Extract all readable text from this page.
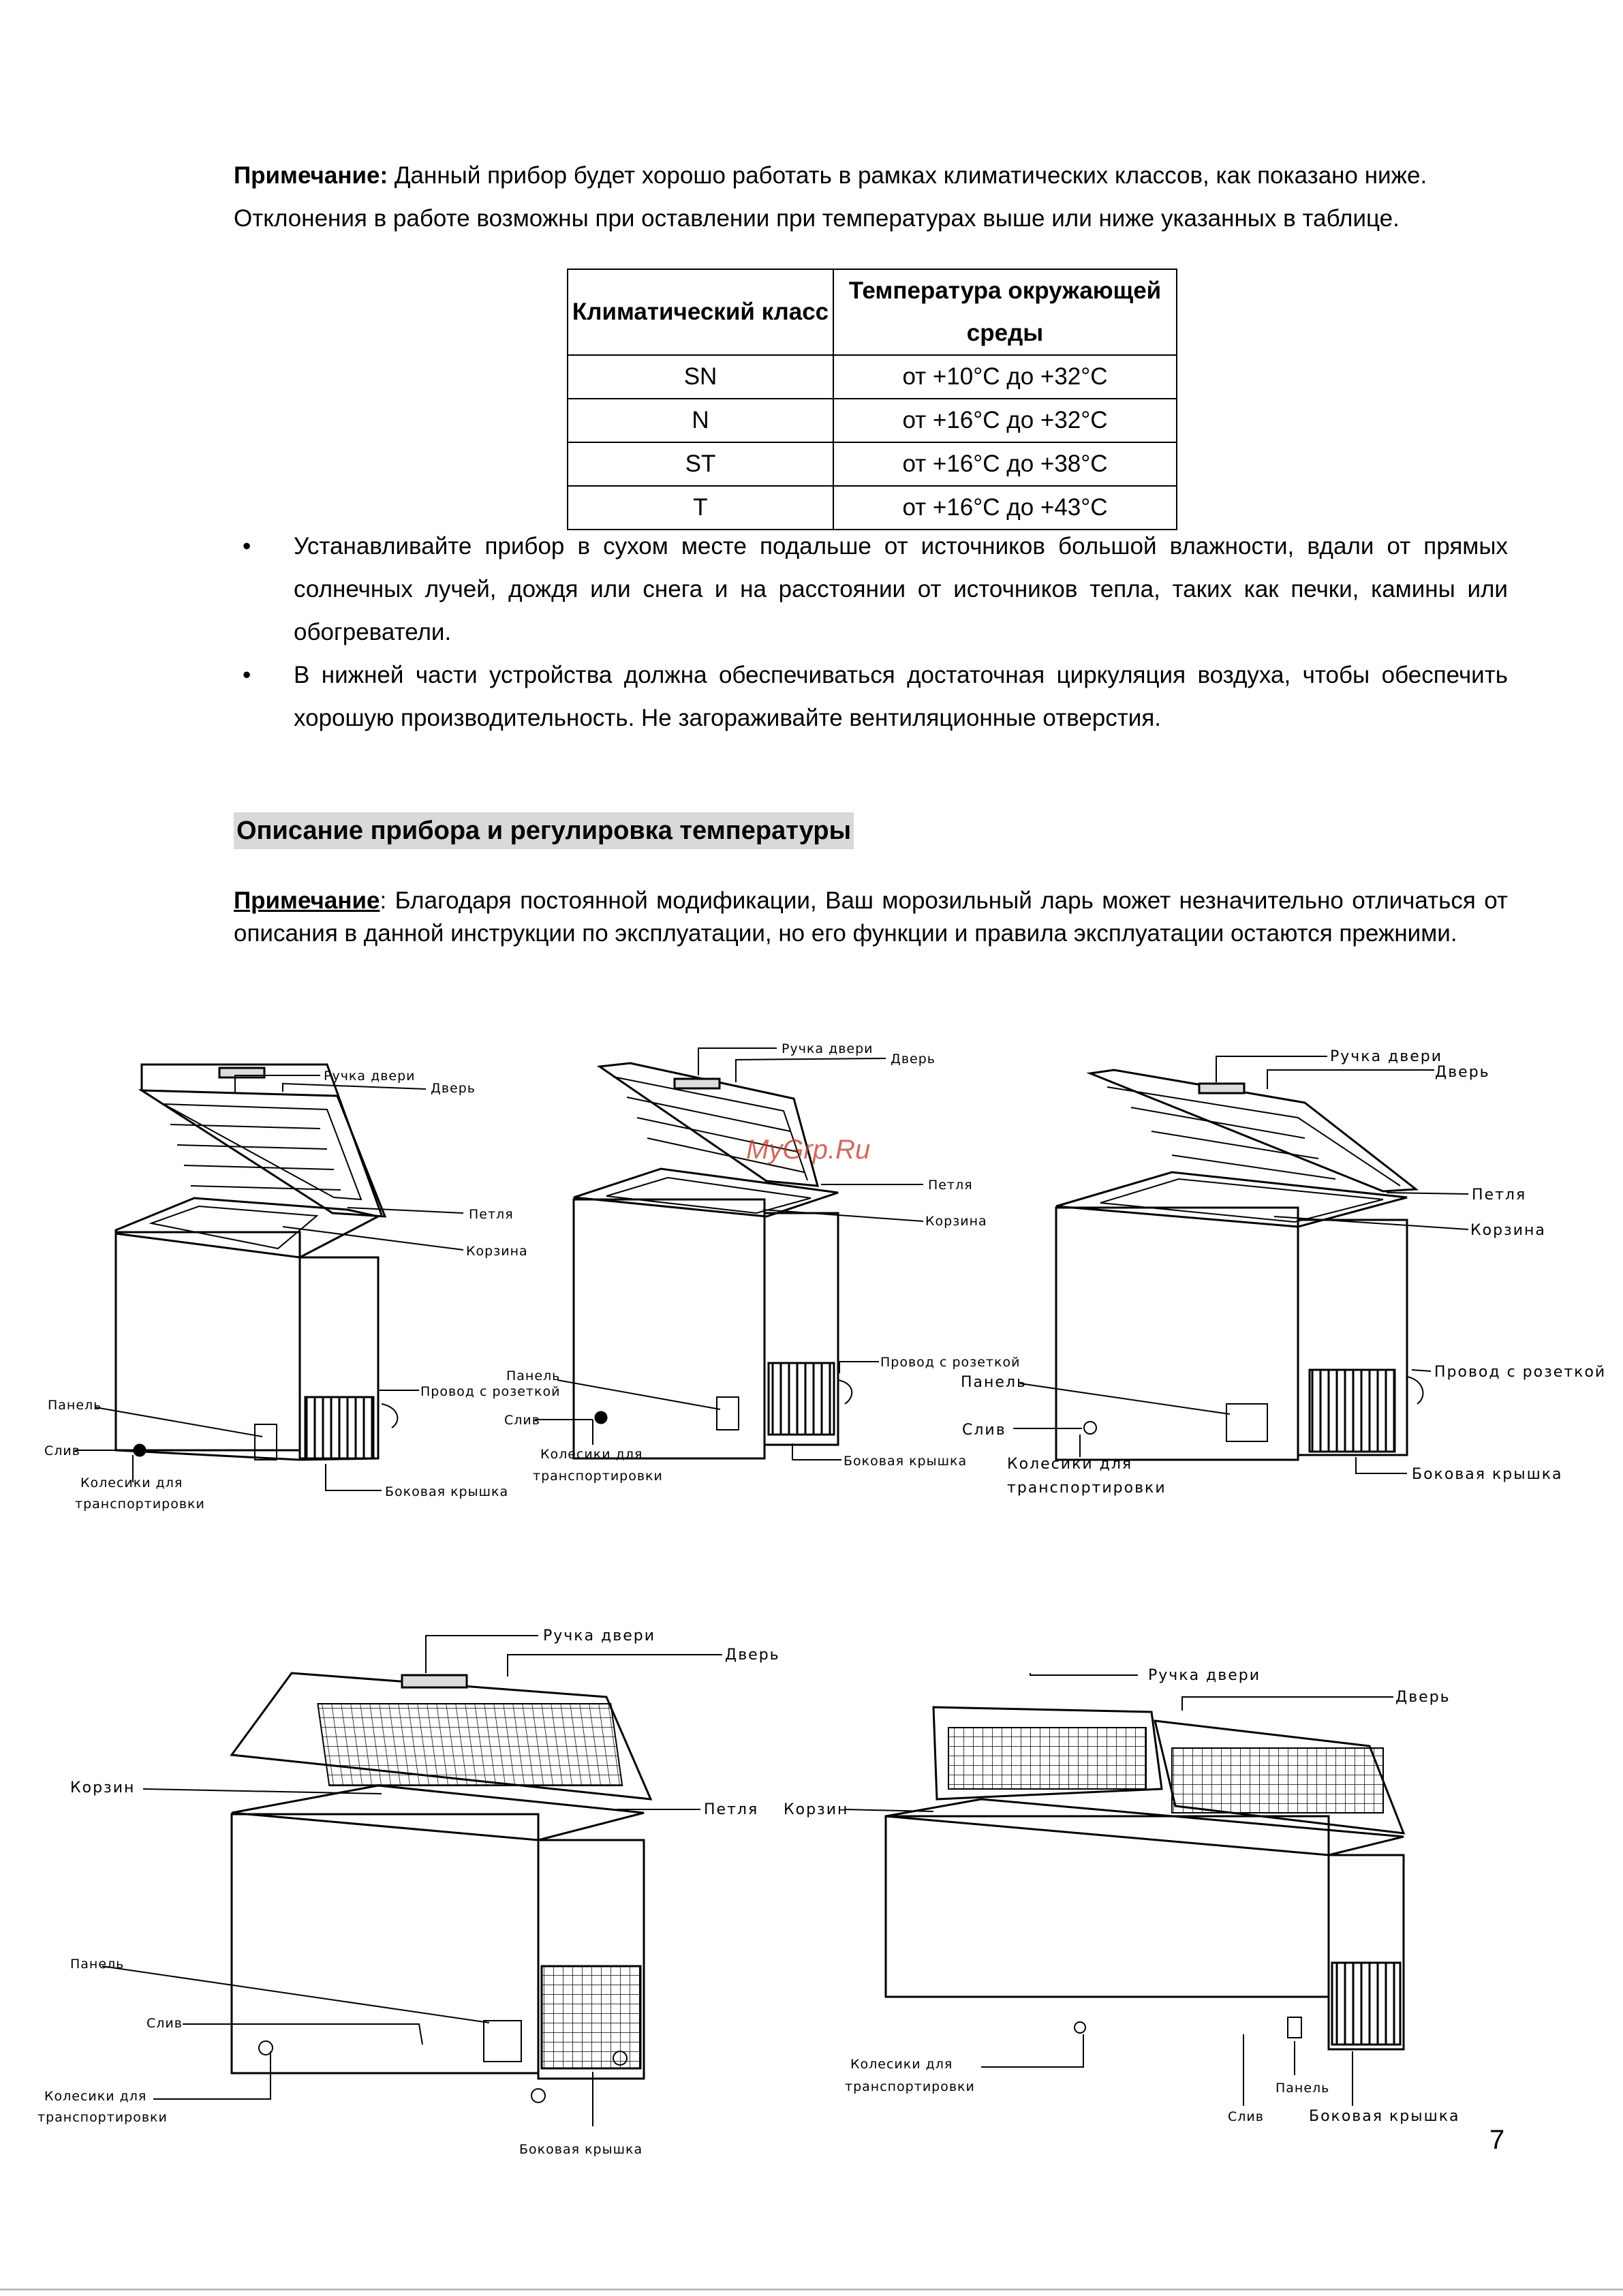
Примечание: Данный прибор будет хорошо работать в рамках климатических классов, как показано ниже.

Отклонения в работе возможны при оставлении при температурах выше или ниже указанных в таблице.

Климатический класс	Температура окружающей среды
SN	от +10°C до +32°C
N	от +16°C до +32°C
ST	от +16°C до +38°C
T	от +16°C до +43°C
• Устанавливайте прибор в сухом месте подальше от источников большой влажности, вдали от прямых солнечных лучей, дождя или снега и на расстоянии от источников тепла, таких как печки, камины или обогреватели.
• В нижней части устройства должна обеспечиваться достаточная циркуляция воздуха, чтобы обеспечить хорошую производительность. Не загораживайте вентиляционные отверстия.
Описание прибора и регулировка температуры
Примечание: Благодаря постоянной модификации, Ваш морозильный ларь может незначительно отличаться от описания в данной инструкции по эксплуатации, но его функции и правила эксплуатации остаются прежними.
Ручка двери
Дверь
Петля
Корзина
Панель
Слив
Провод с розеткой
Колесики для
транспортировки
Боковая крышка
Ручка двери
Дверь
Петля
Корзина
Панель
Слив
Провод с розеткой
Колесики для
транспортировки
Боковая крышка
Ручка двери
Дверь
Петля
Корзина
Панель
Слив
Провод с розеткой
Колесики для
транспортировки
Боковая крышка
Ручка двери
Дверь
Корзин
Петля
Панель
Слив
Колесики для
транспортировки
Боковая крышка
Ручка двери
Дверь
Корзин
Колесики для
транспортировки	Панель
Слив	Боковая крышка
MyGrp.Ru
7
